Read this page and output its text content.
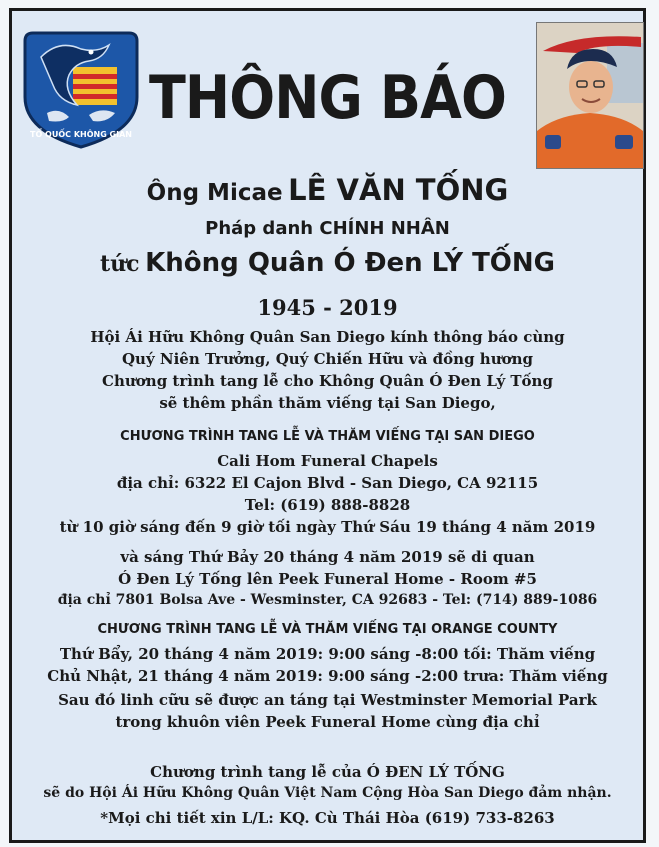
TỔ QUỐC KHÔNG GIAN
THÔNG BÁO
Ông Micae LÊ VĂN TỐNG
Pháp danh CHÍNH NHÂN
tức Không Quân Ó Đen LÝ TỐNG
1945 - 2019
Hội Ái Hữu Không Quân San Diego kính thông báo cùng
Quý Niên Trưởng, Quý Chiến Hữu và đồng hương
Chương trình tang lễ cho Không Quân Ó Đen Lý Tống
sẽ thêm phần thăm viếng tại San Diego,
CHƯƠNG TRÌNH TANG LỄ VÀ THĂM VIẾNG TẠI SAN DIEGO
Cali Hom Funeral Chapels
địa chỉ: 6322 El Cajon Blvd - San Diego, CA 92115
Tel: (619) 888-8828
từ 10 giờ sáng đến 9 giờ tối ngày Thứ Sáu 19 tháng 4 năm 2019
và sáng Thứ Bảy 20 tháng 4 năm 2019 sẽ di quan
Ó Đen Lý Tống lên Peek Funeral Home - Room #5
địa chỉ 7801 Bolsa Ave - Wesminster, CA 92683 - Tel: (714) 889-1086
CHƯƠNG TRÌNH TANG LỄ VÀ THĂM VIẾNG TẠI ORANGE COUNTY
Thứ Bẩy, 20 tháng 4 năm 2019: 9:00 sáng -8:00 tối: Thăm viếng
Chủ Nhật, 21 tháng 4 năm 2019: 9:00 sáng -2:00 trưa: Thăm viếng
Sau đó linh cữu sẽ được an táng tại Westminster Memorial Park
trong khuôn viên Peek Funeral Home cùng địa chỉ
Chương trình tang lễ của Ó ĐEN LÝ TỐNG
sẽ do Hội Ái Hữu Không Quân Việt Nam Cộng Hòa San Diego đảm nhận.
*Mọi chi tiết xin L/L: KQ. Cù Thái Hòa (619) 733-8263
